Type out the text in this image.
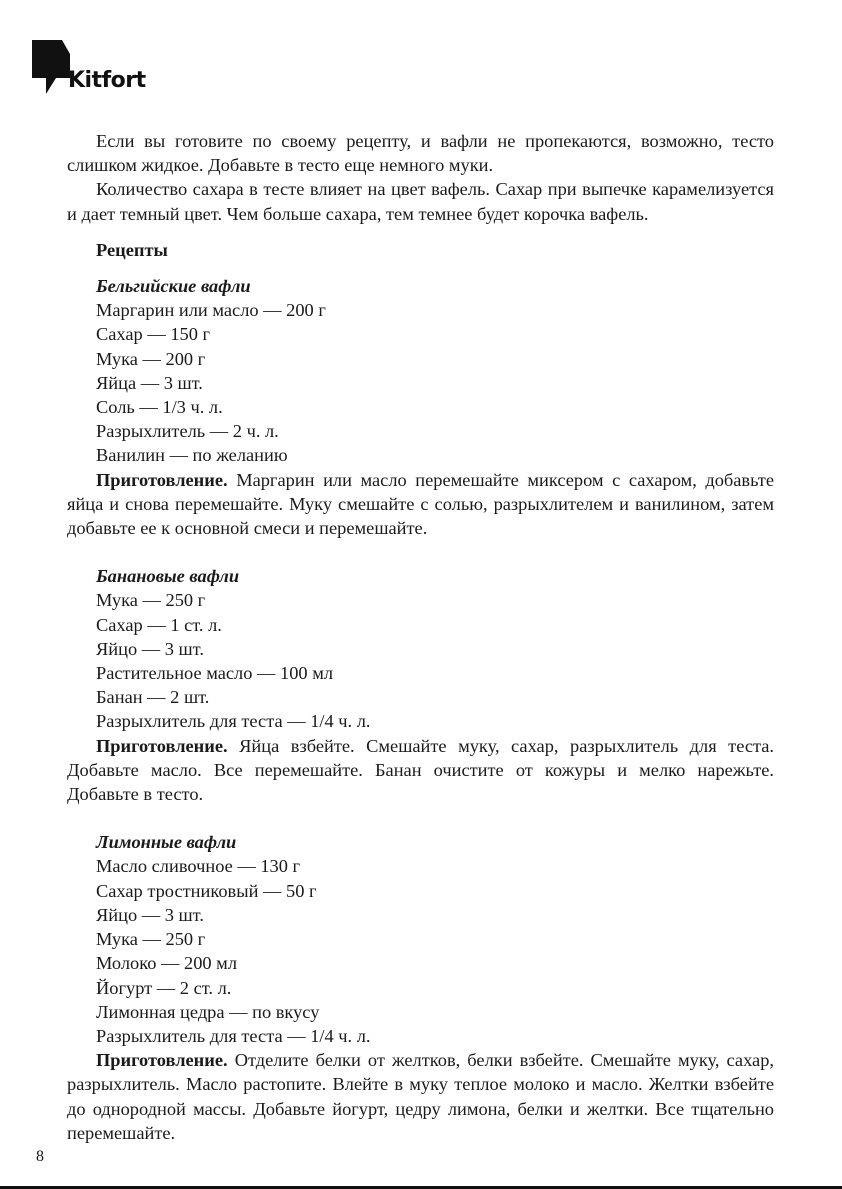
Kitfort

Если вы готовите по своему рецепту, и вафли не пропекаются, возможно, тесто слишком жидкое. Добавьте в тесто еще немного муки.

Количество сахара в тесте влияет на цвет вафель. Сахар при выпечке карамелизуется и дает темный цвет. Чем больше сахара, тем темнее будет корочка вафель.

Рецепты

Бельгийские вафли

Маргарин или масло — 200 г

Сахар — 150 г

Мука — 200 г

Яйца — 3 шт.

Соль — 1/3 ч. л.

Разрыхлитель — 2 ч. л.

Ванилин — по желанию

Приготовление. Маргарин или масло перемешайте миксером с сахаром, добавьте яйца и снова перемешайте. Муку смешайте с солью, разрыхлителем и ванилином, затем добавьте ее к основной смеси и перемешайте.

Банановые вафли

Мука — 250 г

Сахар — 1 ст. л.

Яйцо — 3 шт.

Растительное масло — 100 мл

Банан — 2 шт.

Разрыхлитель для теста — 1/4 ч. л.

Приготовление. Яйца взбейте. Смешайте муку, сахар, разрыхлитель для теста. Добавьте масло. Все перемешайте. Банан очистите от кожуры и мелко нарежьте. Добавьте в тесто.

Лимонные вафли

Масло сливочное — 130 г

Сахар тростниковый — 50 г

Яйцо — 3 шт.

Мука — 250 г

Молоко — 200 мл

Йогурт — 2 ст. л.

Лимонная цедра — по вкусу

Разрыхлитель для теста — 1/4 ч. л.

Приготовление. Отделите белки от желтков, белки взбейте. Смешайте муку, сахар, разрыхлитель. Масло растопите. Влейте в муку теплое молоко и масло. Желтки взбейте до однородной массы. Добавьте йогурт, цедру лимона, белки и желтки. Все тщательно перемешайте.

8
